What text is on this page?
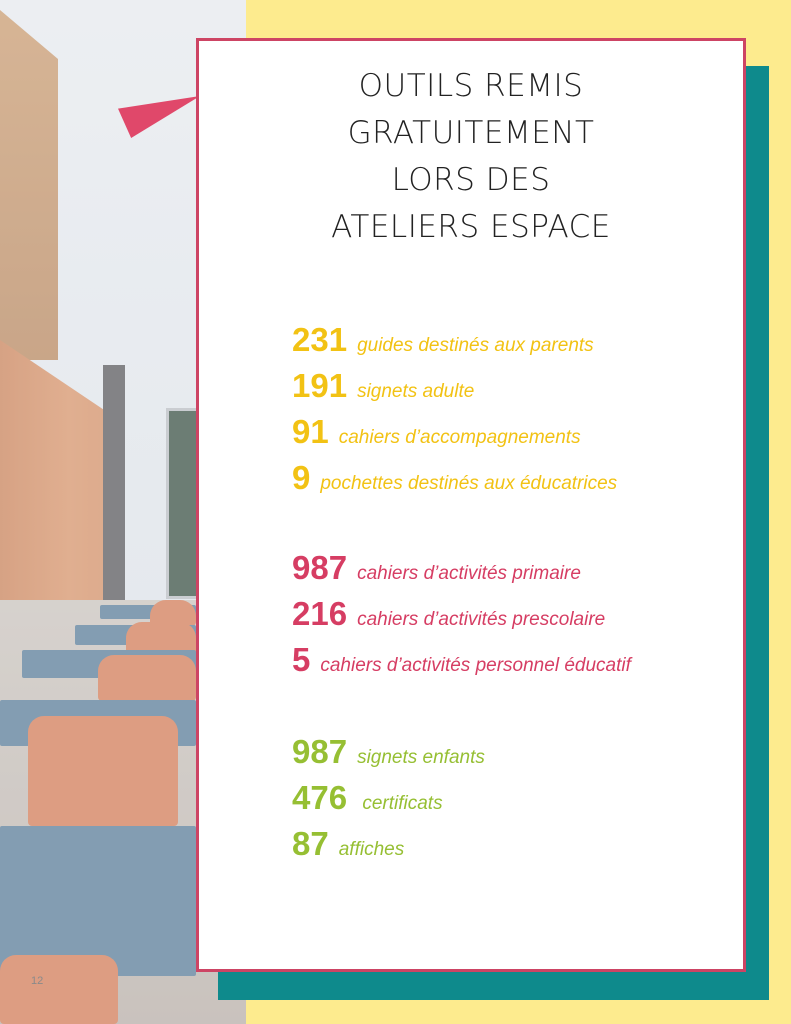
OUTILS REMIS
GRATUITEMENT
LORS DES
ATELIERS ESPACE
231 guides destinés aux parents
191 signets adulte
91 cahiers d’accompagnements
9 pochettes destinés aux éducatrices
987 cahiers d’activités primaire
216 cahiers d’activités prescolaire
5 cahiers d’activités personnel éducatif
987 signets enfants
476 certificats
87 affiches
12
